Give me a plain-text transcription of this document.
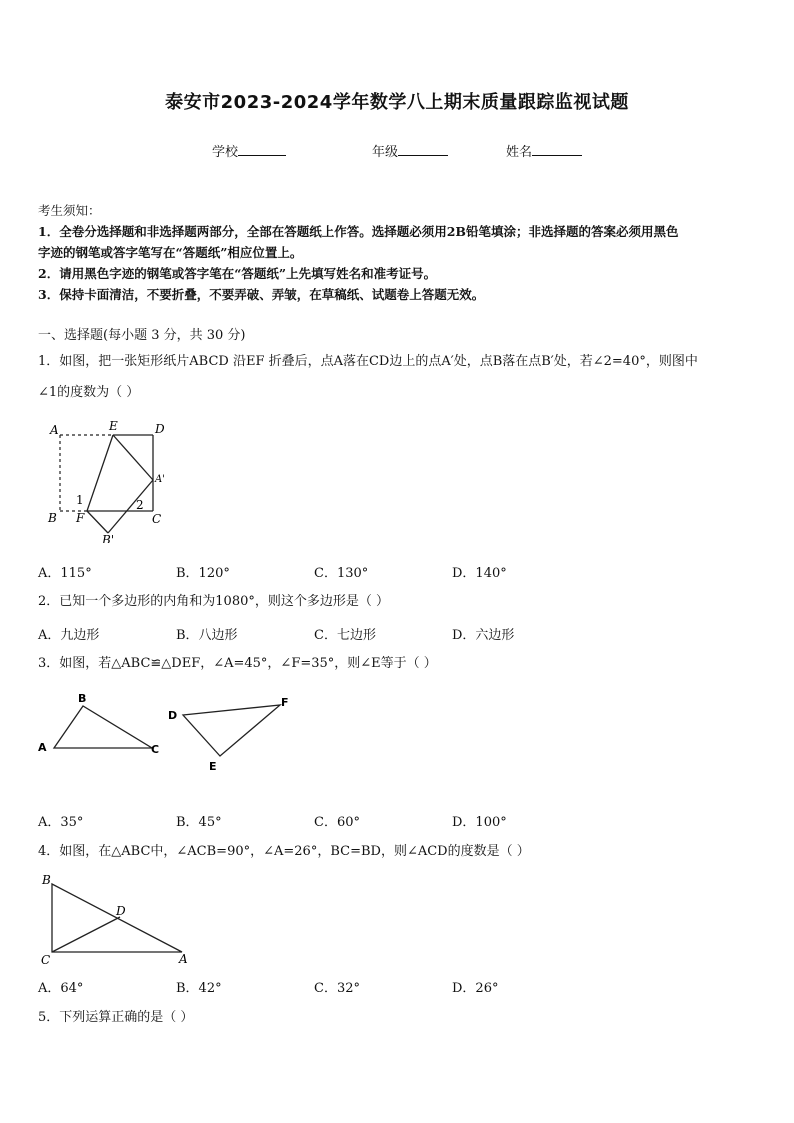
泰安市2023-2024学年数学八上期末质量跟踪监视试题
学校	年级	姓名
考生须知：
1．全卷分选择题和非选择题两部分，全部在答题纸上作答。选择题必须用2B铅笔填涂；非选择题的答案必须用黑色
字迹的钢笔或答字笔写在“答题纸”相应位置上。
2．请用黑色字迹的钢笔或答字笔在“答题纸”上先填写姓名和准考证号。
3．保持卡面清洁，不要折叠，不要弄破、弄皱，在草稿纸、试题卷上答题无效。
一、选择题(每小题 3 分，共 30 分)
1．如图，把一张矩形纸片ABCD 沿EF 折叠后，点A落在CD边上的点A′处，点B落在点B′处，若∠2=40°，则图中
∠1的度数为（ ）
A	E	D
A'
1	2
B F	C
B'
A．115°	B．120°	C．130°	D．140°
2．已知一个多边形的内角和为1080°，则这个多边形是（ ）
A．九边形	B．八边形	C．七边形	D．六边形
3．如图，若△ABC≌△DEF，∠A=45°，∠F=35°，则∠E等于（ ）
B
A	C
D
F
E
A．35°	B．45°	C．60°	D．100°
4．如图，在△ABC中，∠ACB=90°，∠A=26°，BC=BD，则∠ACD的度数是（ ）
B
D
C	A
A．64°	B．42°	C．32°	D．26°
5．下列运算正确的是（ ）
